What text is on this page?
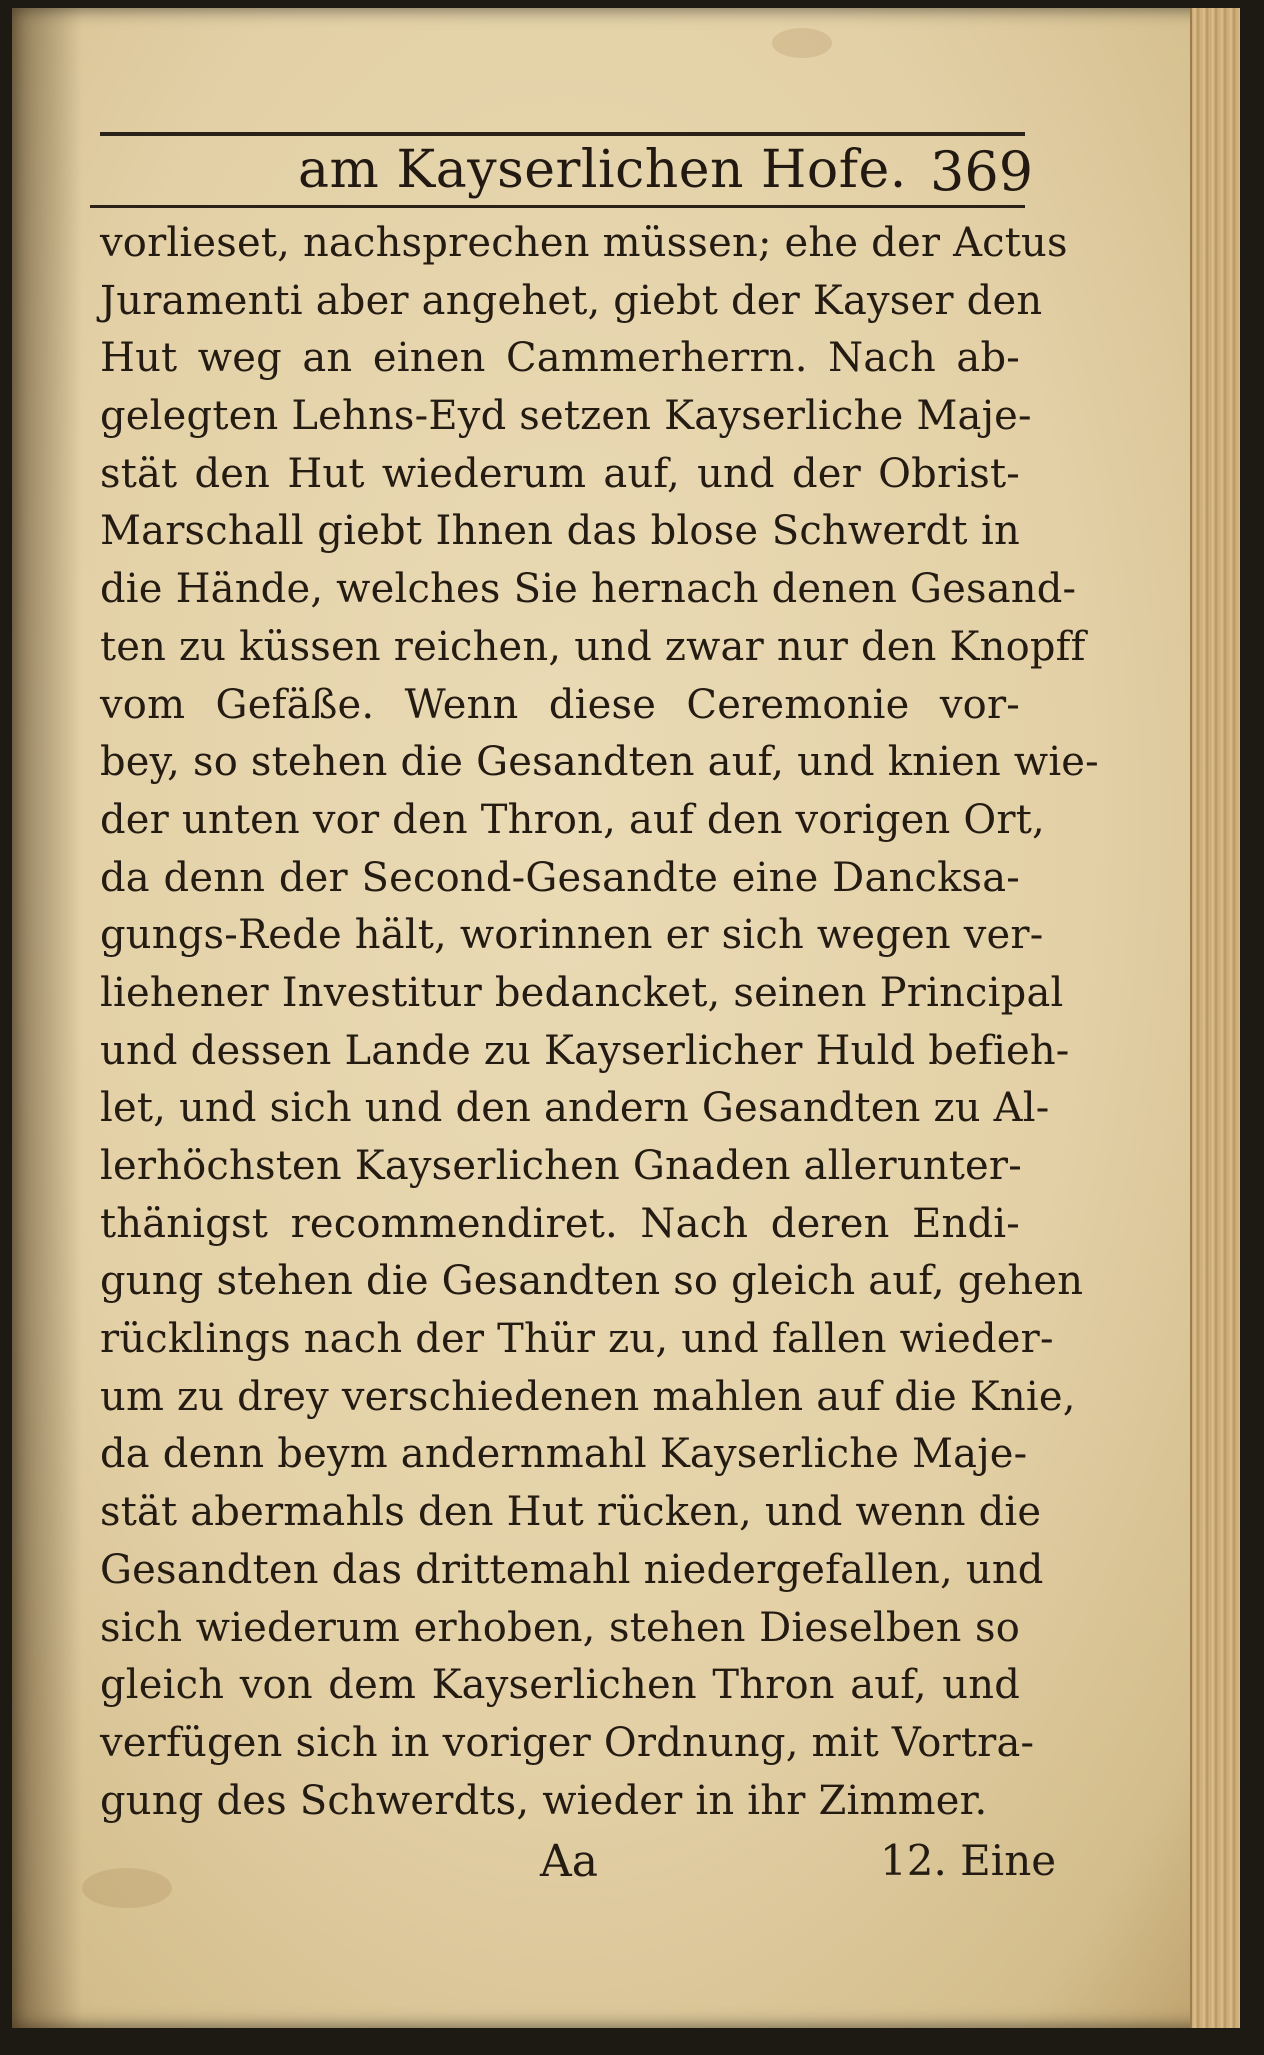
am Kayserlichen Hofe. 369
vorlieset, nachsprechen müssen; ehe der Actus
Juramenti aber angehet, giebt der Kayser den
Hut weg an einen Cammerherrn. Nach ab-
gelegten Lehns-Eyd setzen Kayserliche Maje-
stät den Hut wiederum auf, und der Obrist-
Marschall giebt Ihnen das blose Schwerdt in
die Hände, welches Sie hernach denen Gesand-
ten zu küssen reichen, und zwar nur den Knopff
vom Gefäße. Wenn diese Ceremonie vor-
bey, so stehen die Gesandten auf, und knien wie-
der unten vor den Thron, auf den vorigen Ort,
da denn der Second-Gesandte eine Dancksa-
gungs-Rede hält, worinnen er sich wegen ver-
liehener Investitur bedancket, seinen Principal
und dessen Lande zu Kayserlicher Huld befieh-
let, und sich und den andern Gesandten zu Al-
lerhöchsten Kayserlichen Gnaden allerunter-
thänigst recommendiret. Nach deren Endi-
gung stehen die Gesandten so gleich auf, gehen
rücklings nach der Thür zu, und fallen wieder-
um zu drey verschiedenen mahlen auf die Knie,
da denn beym andernmahl Kayserliche Maje-
stät abermahls den Hut rücken, und wenn die
Gesandten das drittemahl niedergefallen, und
sich wiederum erhoben, stehen Dieselben so
gleich von dem Kayserlichen Thron auf, und
verfügen sich in voriger Ordnung, mit Vortra-
gung des Schwerdts, wieder in ihr Zimmer.
Aa	12. Eine
